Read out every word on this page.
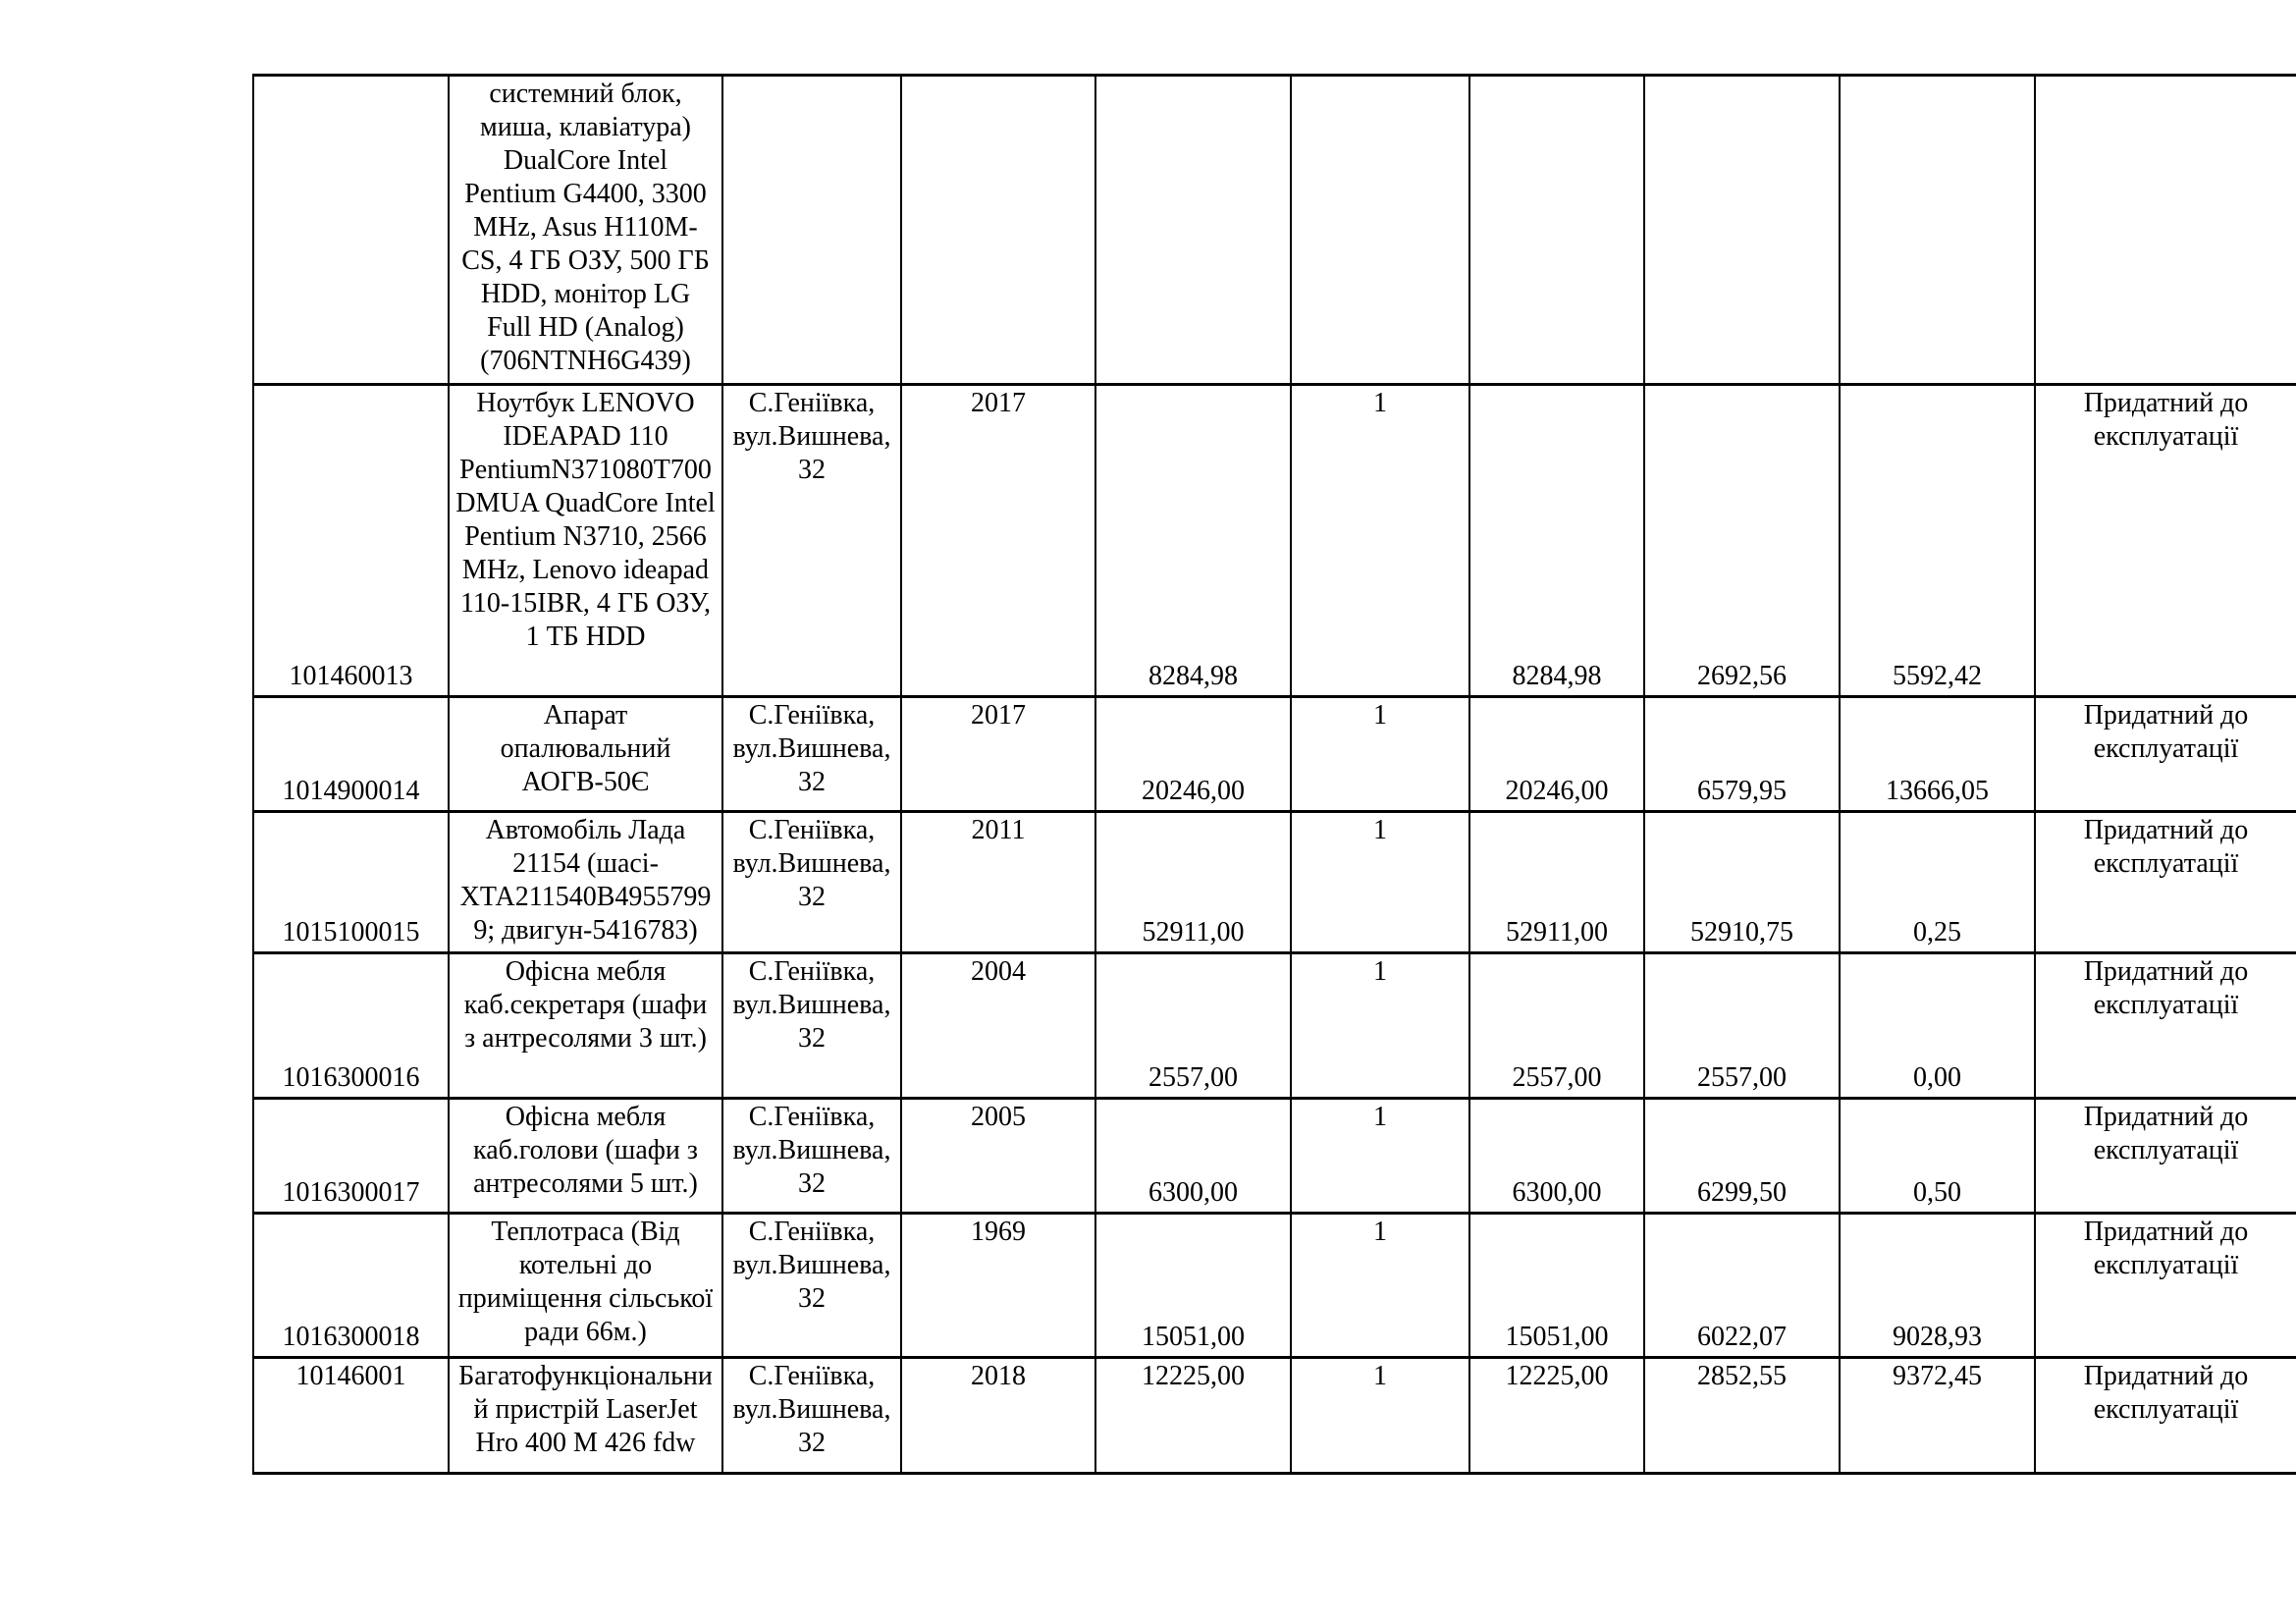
	системний блок, миша, клавіатура) DualCore Intel Pentium G4400, 3300 MHz, Asus H110M-CS, 4 ГБ ОЗУ, 500 ГБ HDD, монітор LG Full HD (Analog) (706NTNH6G439)								
101460013	Ноутбук LENOVO IDEAPAD 110 PentiumN371080T700DMUA QuadCore Intel Pentium N3710, 2566 MHz, Lenovo ideapad 110-15IBR, 4 ГБ ОЗУ, 1 ТБ HDD	С.Геніївка, вул.Вишнева,32	2017	8284,98	1	8284,98	2692,56	5592,42	Придатний до експлуатації
1014900014	Апарат опалювальний АОГВ-50Є	С.Геніївка, вул.Вишнева,32	2017	20246,00	1	20246,00	6579,95	13666,05	Придатний до експлуатації
1015100015	Автомобіль Лада 21154 (шасі-ХТА211540В49557999; двигун-5416783)	С.Геніївка, вул.Вишнева,32	2011	52911,00	1	52911,00	52910,75	0,25	Придатний до експлуатації
1016300016	Офісна мебля каб.секретаря (шафи з антресолями 3 шт.)	С.Геніївка, вул.Вишнева,32	2004	2557,00	1	2557,00	2557,00	0,00	Придатний до експлуатації
1016300017	Офісна мебля каб.голови (шафи з антресолями 5 шт.)	С.Геніївка, вул.Вишнева,32	2005	6300,00	1	6300,00	6299,50	0,50	Придатний до експлуатації
1016300018	Теплотраса (Від котельні до приміщення сільської ради 66м.)	С.Геніївка, вул.Вишнева,32	1969	15051,00	1	15051,00	6022,07	9028,93	Придатний до експлуатації
10146001	Багатофункціональний пристрій LaserJet Hro 400 M 426 fdw	С.Геніївка, вул.Вишнева,32	2018	12225,00	1	12225,00	2852,55	9372,45	Придатний до експлуатації
